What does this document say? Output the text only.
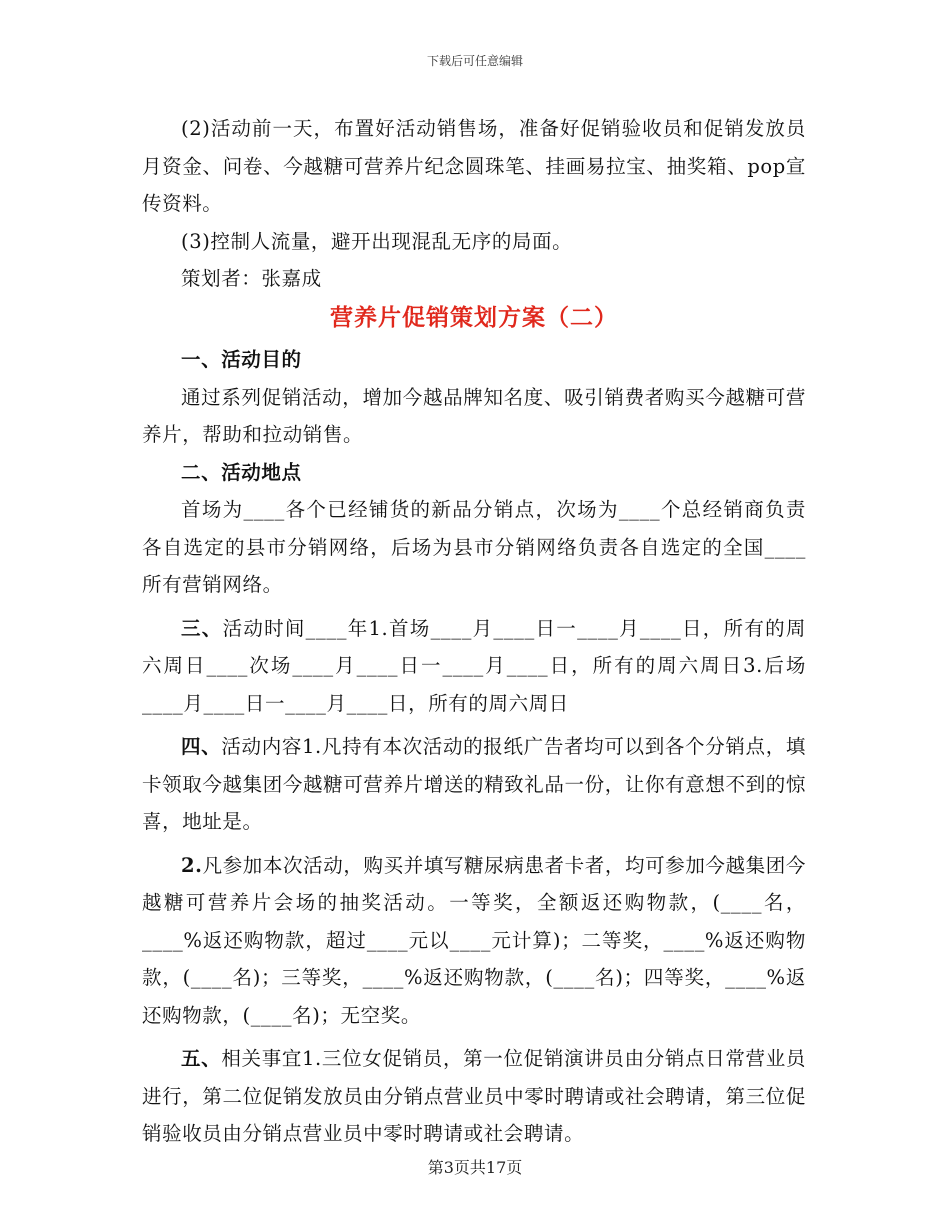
下载后可任意编辑

(2)活动前一天，布置好活动销售场，准备好促销验收员和促销发放员月资金、问卷、今越糖可营养片纪念圆珠笔、挂画易拉宝、抽奖箱、pop宣传资料。

(3)控制人流量，避开出现混乱无序的局面。

策划者：张嘉成

营养片促销策划方案（二）

一、活动目的

通过系列促销活动，增加今越品牌知名度、吸引销费者购买今越糖可营养片，帮助和拉动销售。

二、活动地点

首场为____各个已经铺货的新品分销点，次场为____个总经销商负责各自选定的县市分销网络，后场为县市分销网络负责各自选定的全国____所有营销网络。

三、活动时间____年1.首场____月____日一____月____日，所有的周六周日____次场____月____日一____月____日，所有的周六周日3.后场____月____日一____月____日，所有的周六周日

四、活动内容1.凡持有本次活动的报纸广告者均可以到各个分销点，填卡领取今越集团今越糖可营养片增送的精致礼品一份，让你有意想不到的惊喜，地址是。

2.凡参加本次活动，购买并填写糖尿病患者卡者，均可参加今越集团今越糖可营养片会场的抽奖活动。一等奖，全额返还购物款，(____名，____%返还购物款，超过____元以____元计算)；二等奖，____%返还购物款，(____名)；三等奖，____%返还购物款，(____名)；四等奖，____%返还购物款，(____名)；无空奖。

五、相关事宜1.三位女促销员，第一位促销演讲员由分销点日常营业员进行，第二位促销发放员由分销点营业员中零时聘请或社会聘请，第三位促销验收员由分销点营业员中零时聘请或社会聘请。

第3页共17页
